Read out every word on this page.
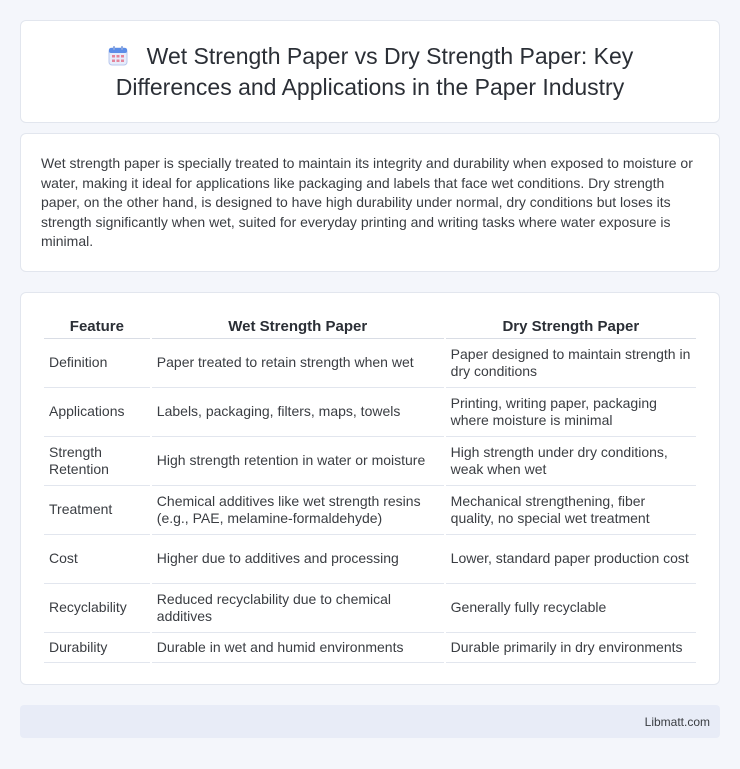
Wet Strength Paper vs Dry Strength Paper: Key Differences and Applications in the Paper Industry

Wet strength paper is specially treated to maintain its integrity and durability when exposed to moisture or water, making it ideal for applications like packaging and labels that face wet conditions. Dry strength paper, on the other hand, is designed to have high durability under normal, dry conditions but loses its strength significantly when wet, suited for everyday printing and writing tasks where water exposure is minimal.

Feature	Wet Strength Paper	Dry Strength Paper
Definition	Paper treated to retain strength when wet	Paper designed to maintain strength in dry conditions
Applications	Labels, packaging, filters, maps, towels	Printing, writing paper, packaging where moisture is minimal
Strength Retention	High strength retention in water or moisture	High strength under dry conditions, weak when wet
Treatment	Chemical additives like wet strength resins (e.g., PAE, melamine-formaldehyde)	Mechanical strengthening, fiber quality, no special wet treatment
Cost	Higher due to additives and processing	Lower, standard paper production cost
Recyclability	Reduced recyclability due to chemical additives	Generally fully recyclable
Durability	Durable in wet and humid environments	Durable primarily in dry environments
Libmatt.com
